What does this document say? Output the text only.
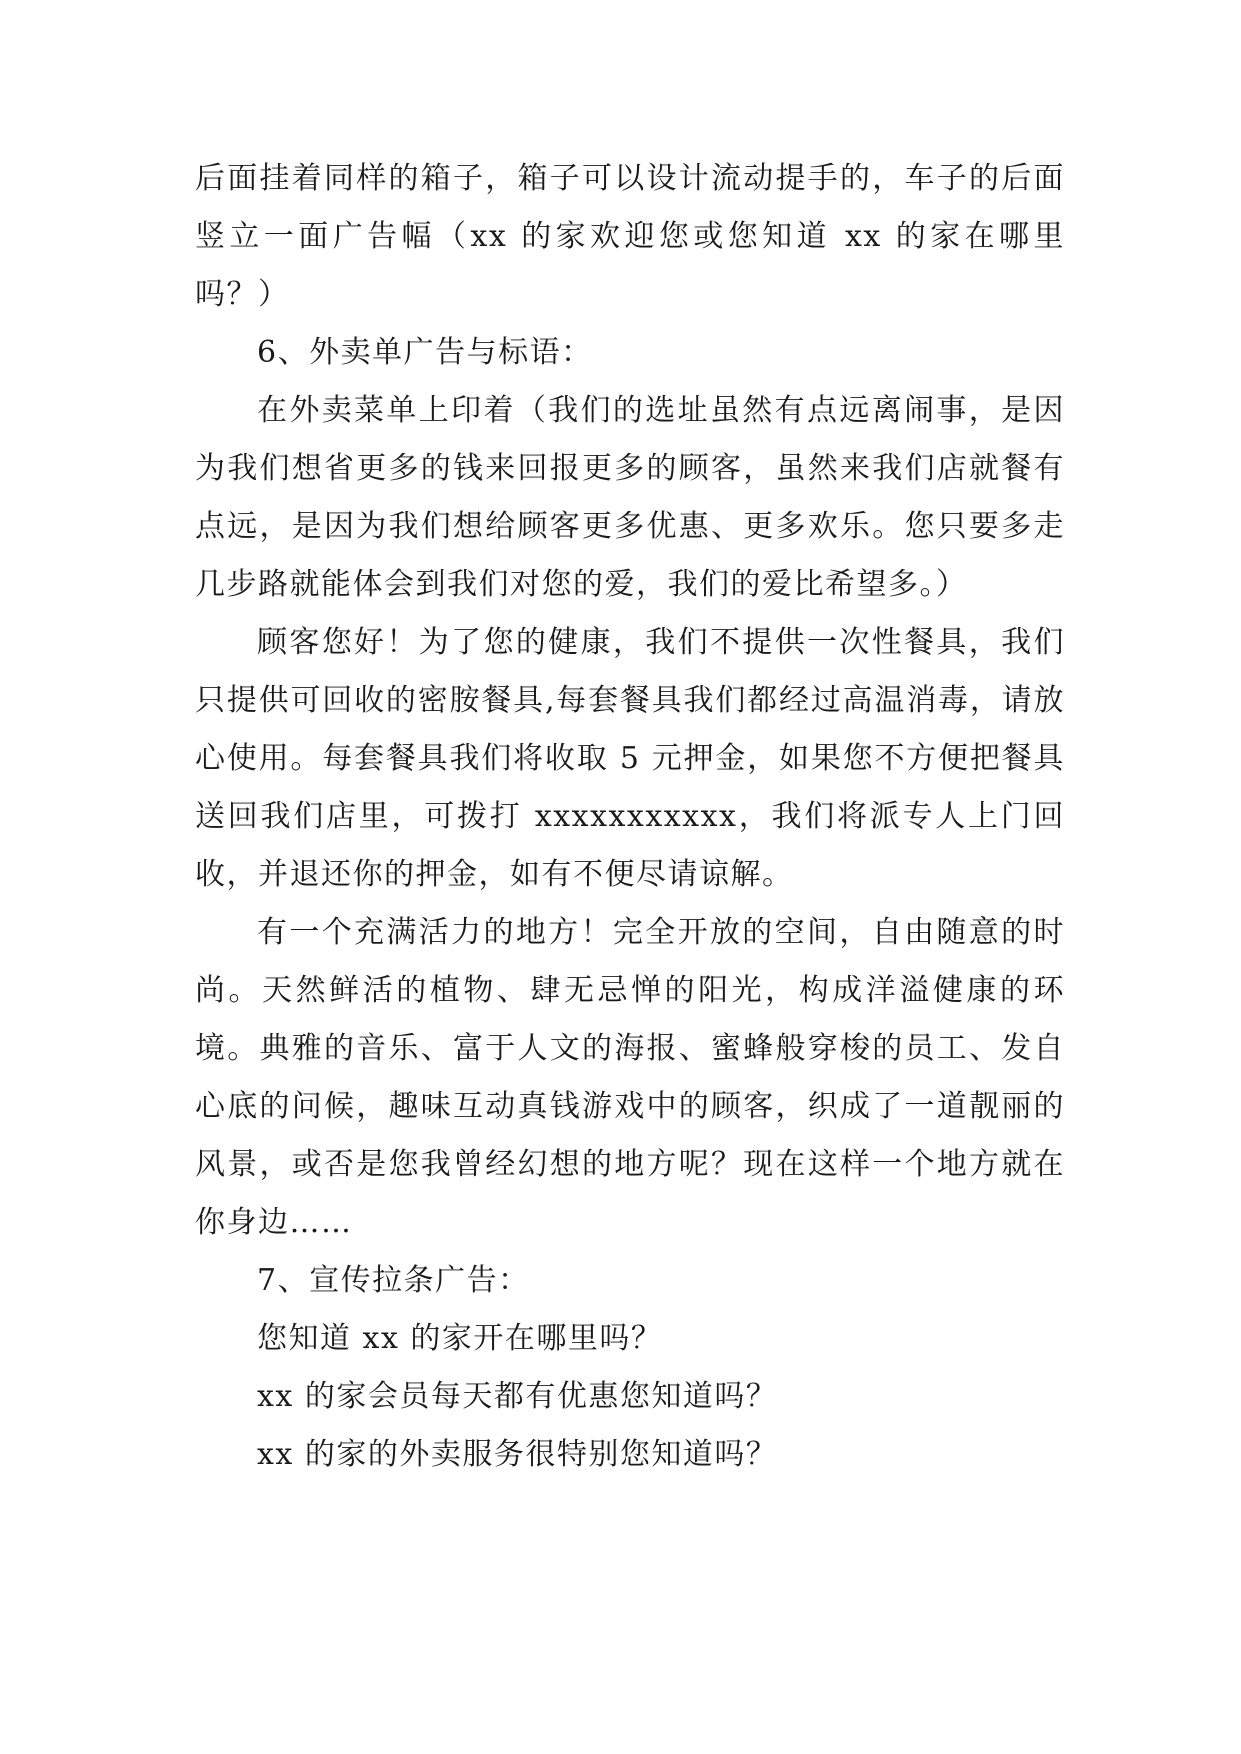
后面挂着同样的箱子，箱子可以设计流动提手的，车子的后面竖立一面广告幅（xx 的家欢迎您或您知道 xx 的家在哪里吗？）

6、外卖单广告与标语：

在外卖菜单上印着（我们的选址虽然有点远离闹事，是因为我们想省更多的钱来回报更多的顾客，虽然来我们店就餐有点远，是因为我们想给顾客更多优惠、更多欢乐。您只要多走几步路就能体会到我们对您的爱，我们的爱比希望多。）

顾客您好！为了您的健康，我们不提供一次性餐具，我们只提供可回收的密胺餐具,每套餐具我们都经过高温消毒，请放心使用。每套餐具我们将收取 5 元押金，如果您不方便把餐具送回我们店里，可拨打 xxxxxxxxxxx，我们将派专人上门回收，并退还你的押金，如有不便尽请谅解。

有一个充满活力的地方！完全开放的空间，自由随意的时尚。天然鲜活的植物、肆无忌惮的阳光，构成洋溢健康的环境。典雅的音乐、富于人文的海报、蜜蜂般穿梭的员工、发自心底的问候，趣味互动真钱游戏中的顾客，织成了一道靓丽的风景，或否是您我曾经幻想的地方呢？现在这样一个地方就在你身边……

7、宣传拉条广告：

您知道 xx 的家开在哪里吗？

xx 的家会员每天都有优惠您知道吗？

xx 的家的外卖服务很特别您知道吗？
